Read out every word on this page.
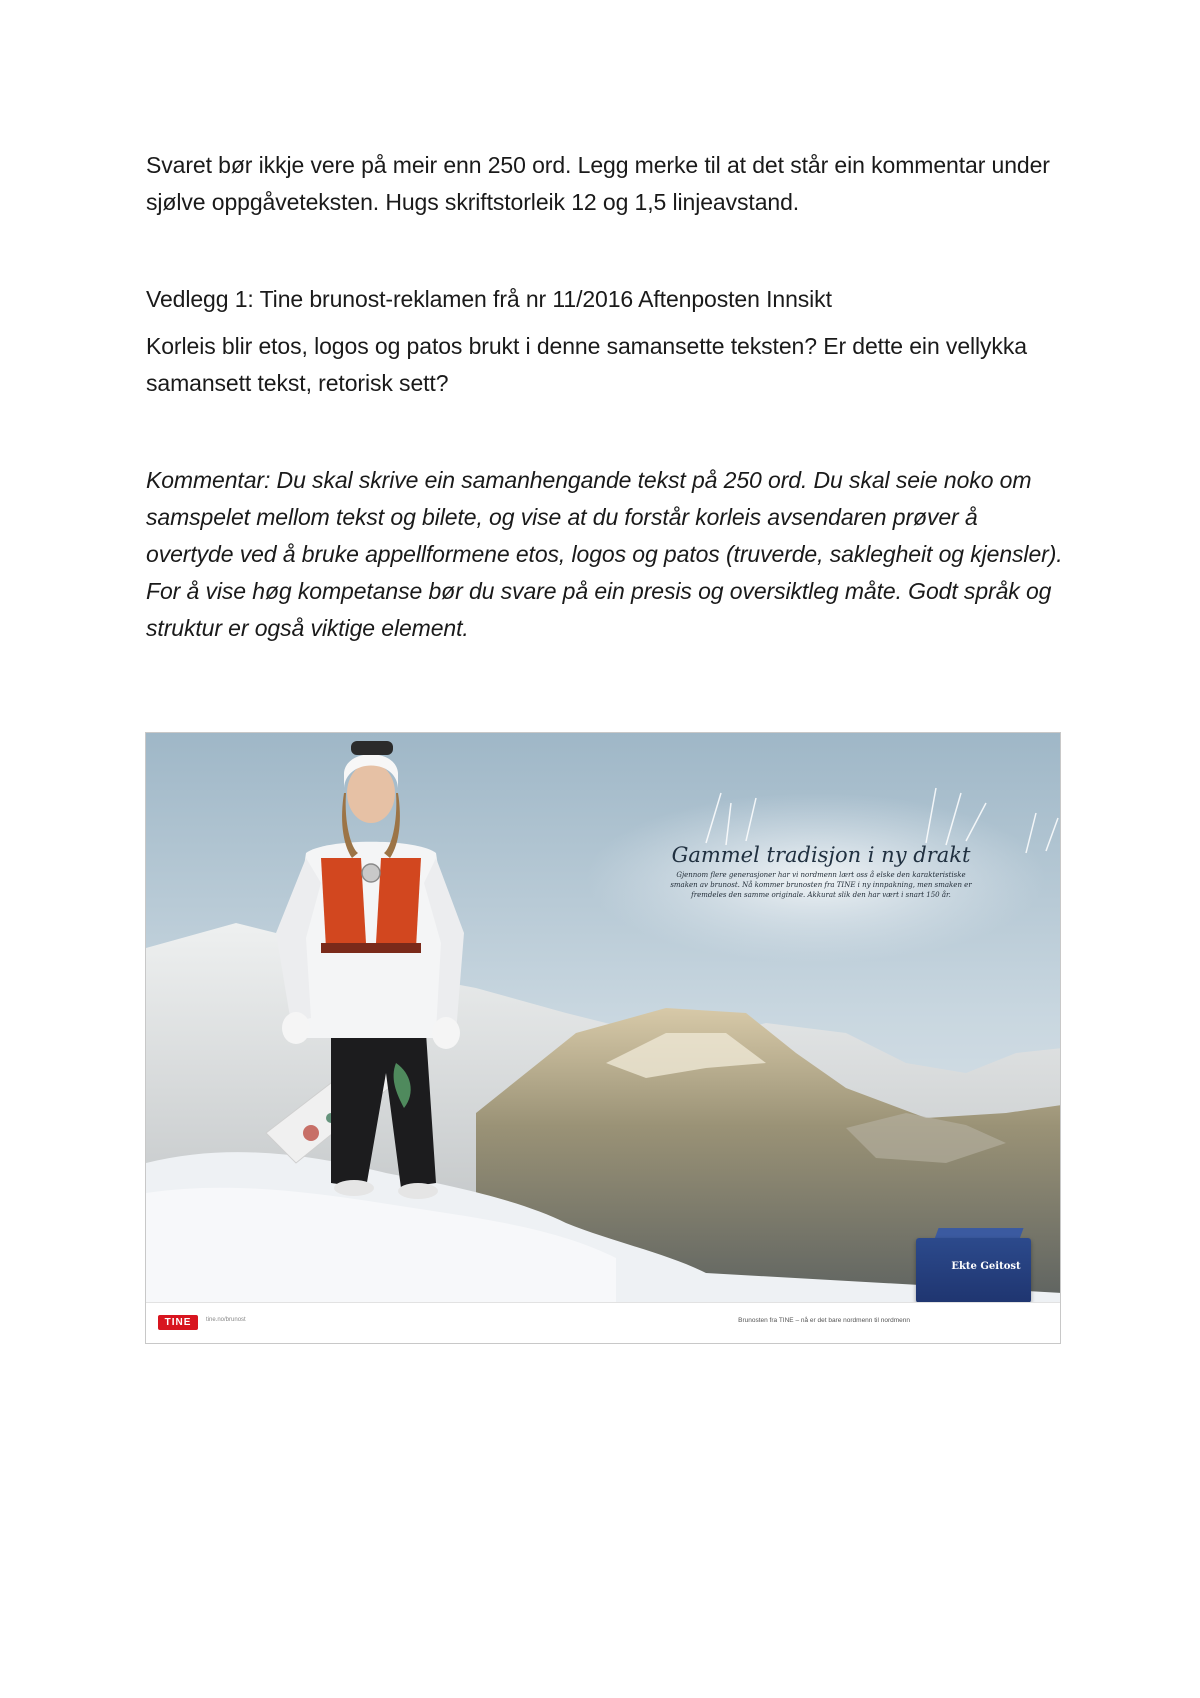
Svaret bør ikkje vere på meir enn 250 ord. Legg merke til at det står ein kommentar under sjølve oppgåveteksten. Hugs skriftstorleik 12 og 1,5 linjeavstand.

Vedlegg 1: Tine brunost-reklamen frå nr 11/2016 Aftenposten Innsikt

Korleis blir etos, logos og patos brukt i denne samansette teksten? Er dette ein vellykka samansett tekst, retorisk sett?

Kommentar: Du skal skrive ein samanhengande tekst på 250 ord. Du skal seie noko om samspelet mellom tekst og bilete, og vise at du forstår korleis avsendaren prøver å overtyde ved å bruke appellformene etos, logos og patos (truverde, saklegheit og kjensler). For å vise høg kompetanse bør du svare på ein presis og oversiktleg måte. Godt språk og struktur er også viktige element.

Gammel tradisjon i ny drakt
Gjennom flere generasjoner har vi nordmenn lært oss å elske den karakteristiske smaken av brunost. Nå kommer brunosten fra TINE i ny innpakning, men smaken er fremdeles den samme originale. Akkurat slik den har vært i snart 150 år.
Ekte Geitost
TINE	tine.no/brunost	Brunosten fra TINE – nå er det bare nordmenn til nordmenn
